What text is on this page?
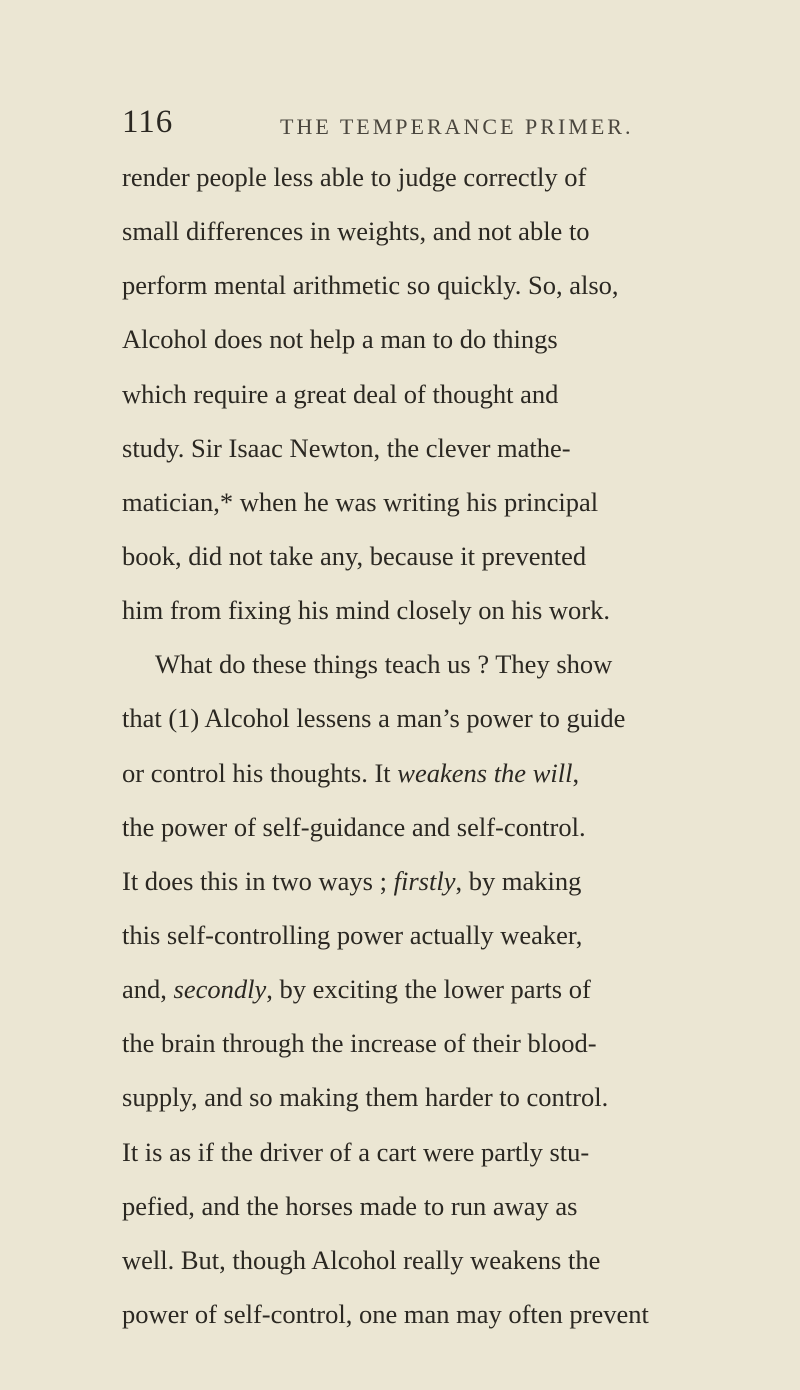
116	THE TEMPERANCE PRIMER.
render people less able to judge correctly of
small differences in weights, and not able to
perform mental arithmetic so quickly. So, also,
Alcohol does not help a man to do things
which require a great deal of thought and
study. Sir Isaac Newton, the clever mathe-
matician,* when he was writing his principal
book, did not take any, because it prevented
him from fixing his mind closely on his work.
What do these things teach us ? They show
that (1) Alcohol lessens a man’s power to guide
or control his thoughts. It weakens the will,
the power of self-guidance and self-control.
It does this in two ways ; firstly, by making
this self-controlling power actually weaker,
and, secondly, by exciting the lower parts of
the brain through the increase of their blood-
supply, and so making them harder to control.
It is as if the driver of a cart were partly stu-
pefied, and the horses made to run away as
well. But, though Alcohol really weakens the
power of self-control, one man may often prevent
